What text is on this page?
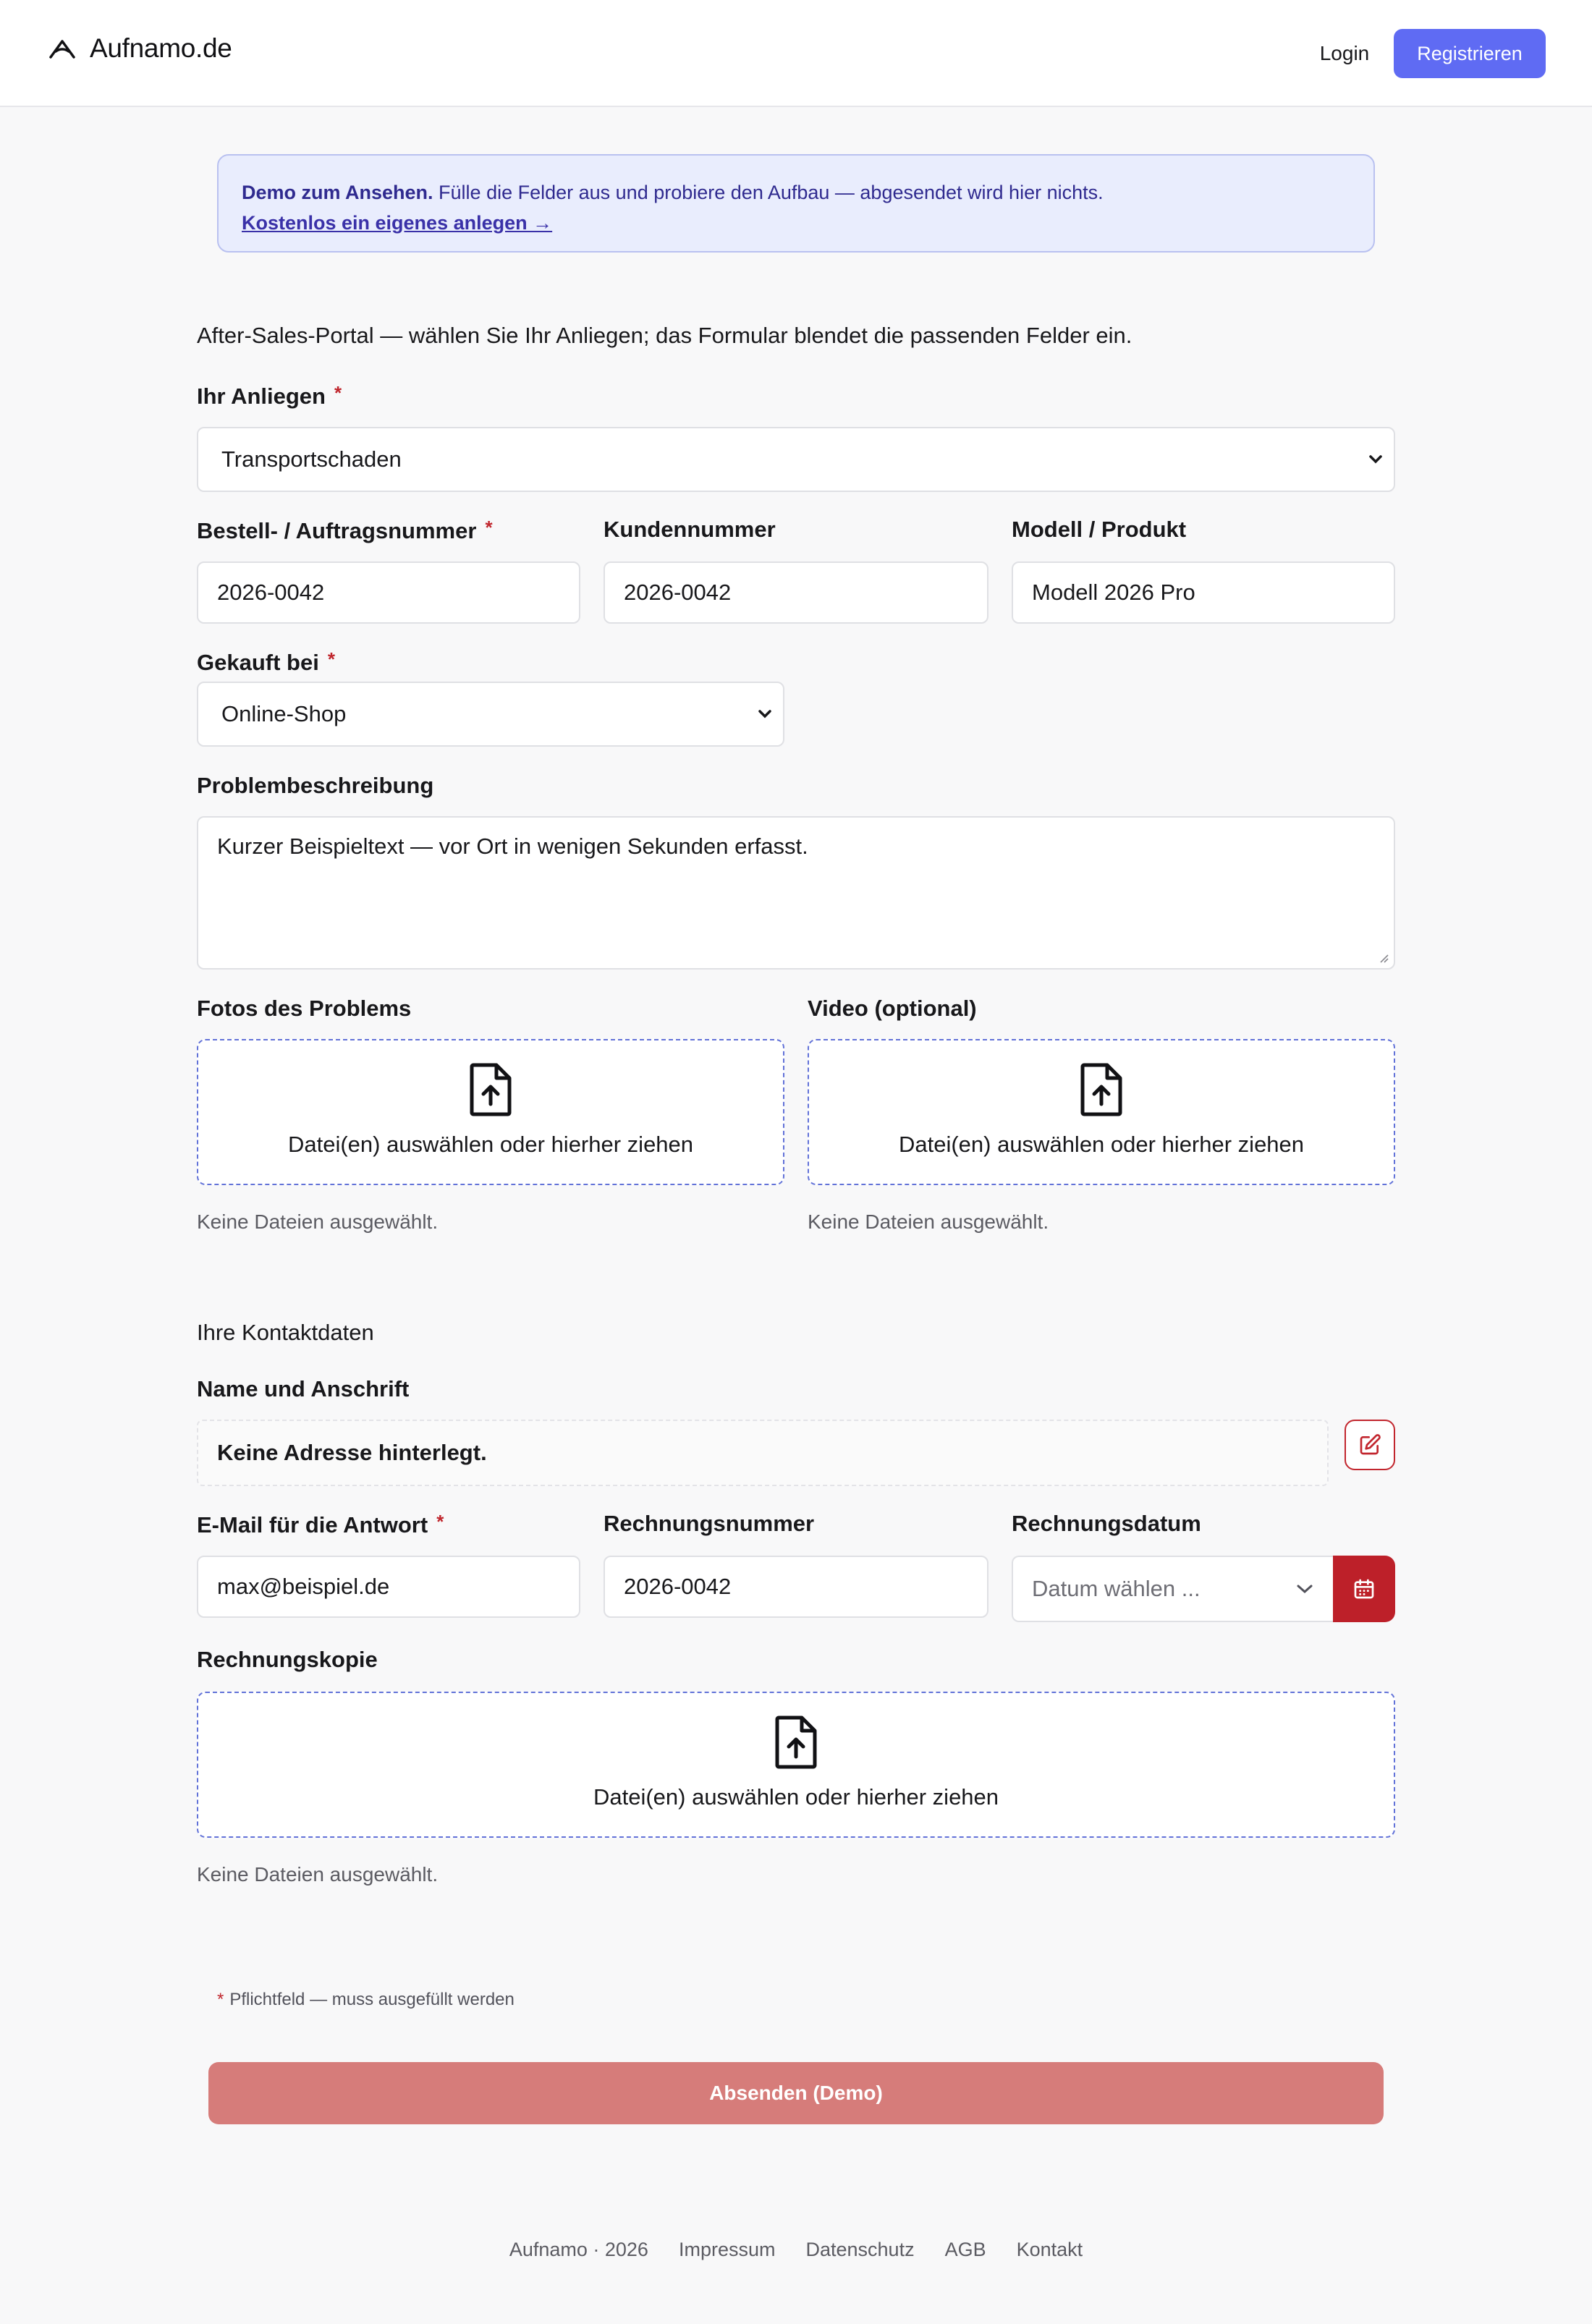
Aufnamo.de	Login	Registrieren
Demo zum Ansehen. Fülle die Felder aus und probiere den Aufbau — abgesendet wird hier nichts.
Kostenlos ein eigenes anlegen →
After-Sales-Portal — wählen Sie Ihr Anliegen; das Formular blendet die passenden Felder ein.
Ihr Anliegen *
Transportschaden
Bestell- / Auftragsnummer *
2026-0042
Kundennummer
2026-0042
Modell / Produkt
Modell 2026 Pro
Gekauft bei *
Online-Shop
Problembeschreibung
Kurzer Beispieltext — vor Ort in wenigen Sekunden erfasst.
Fotos des Problems
Datei(en) auswählen oder hierher ziehen
Keine Dateien ausgewählt.
Video (optional)
Datei(en) auswählen oder hierher ziehen
Keine Dateien ausgewählt.
Ihre Kontaktdaten
Name und Anschrift
Keine Adresse hinterlegt.
E-Mail für die Antwort *
max@beispiel.de
Rechnungsnummer
2026-0042
Rechnungsdatum
Datum wählen ...
Rechnungskopie
Datei(en) auswählen oder hierher ziehen
Keine Dateien ausgewählt.
* Pflichtfeld — muss ausgefüllt werden
Absenden (Demo)
Aufnamo · 2026 Impressum Datenschutz AGB Kontakt
